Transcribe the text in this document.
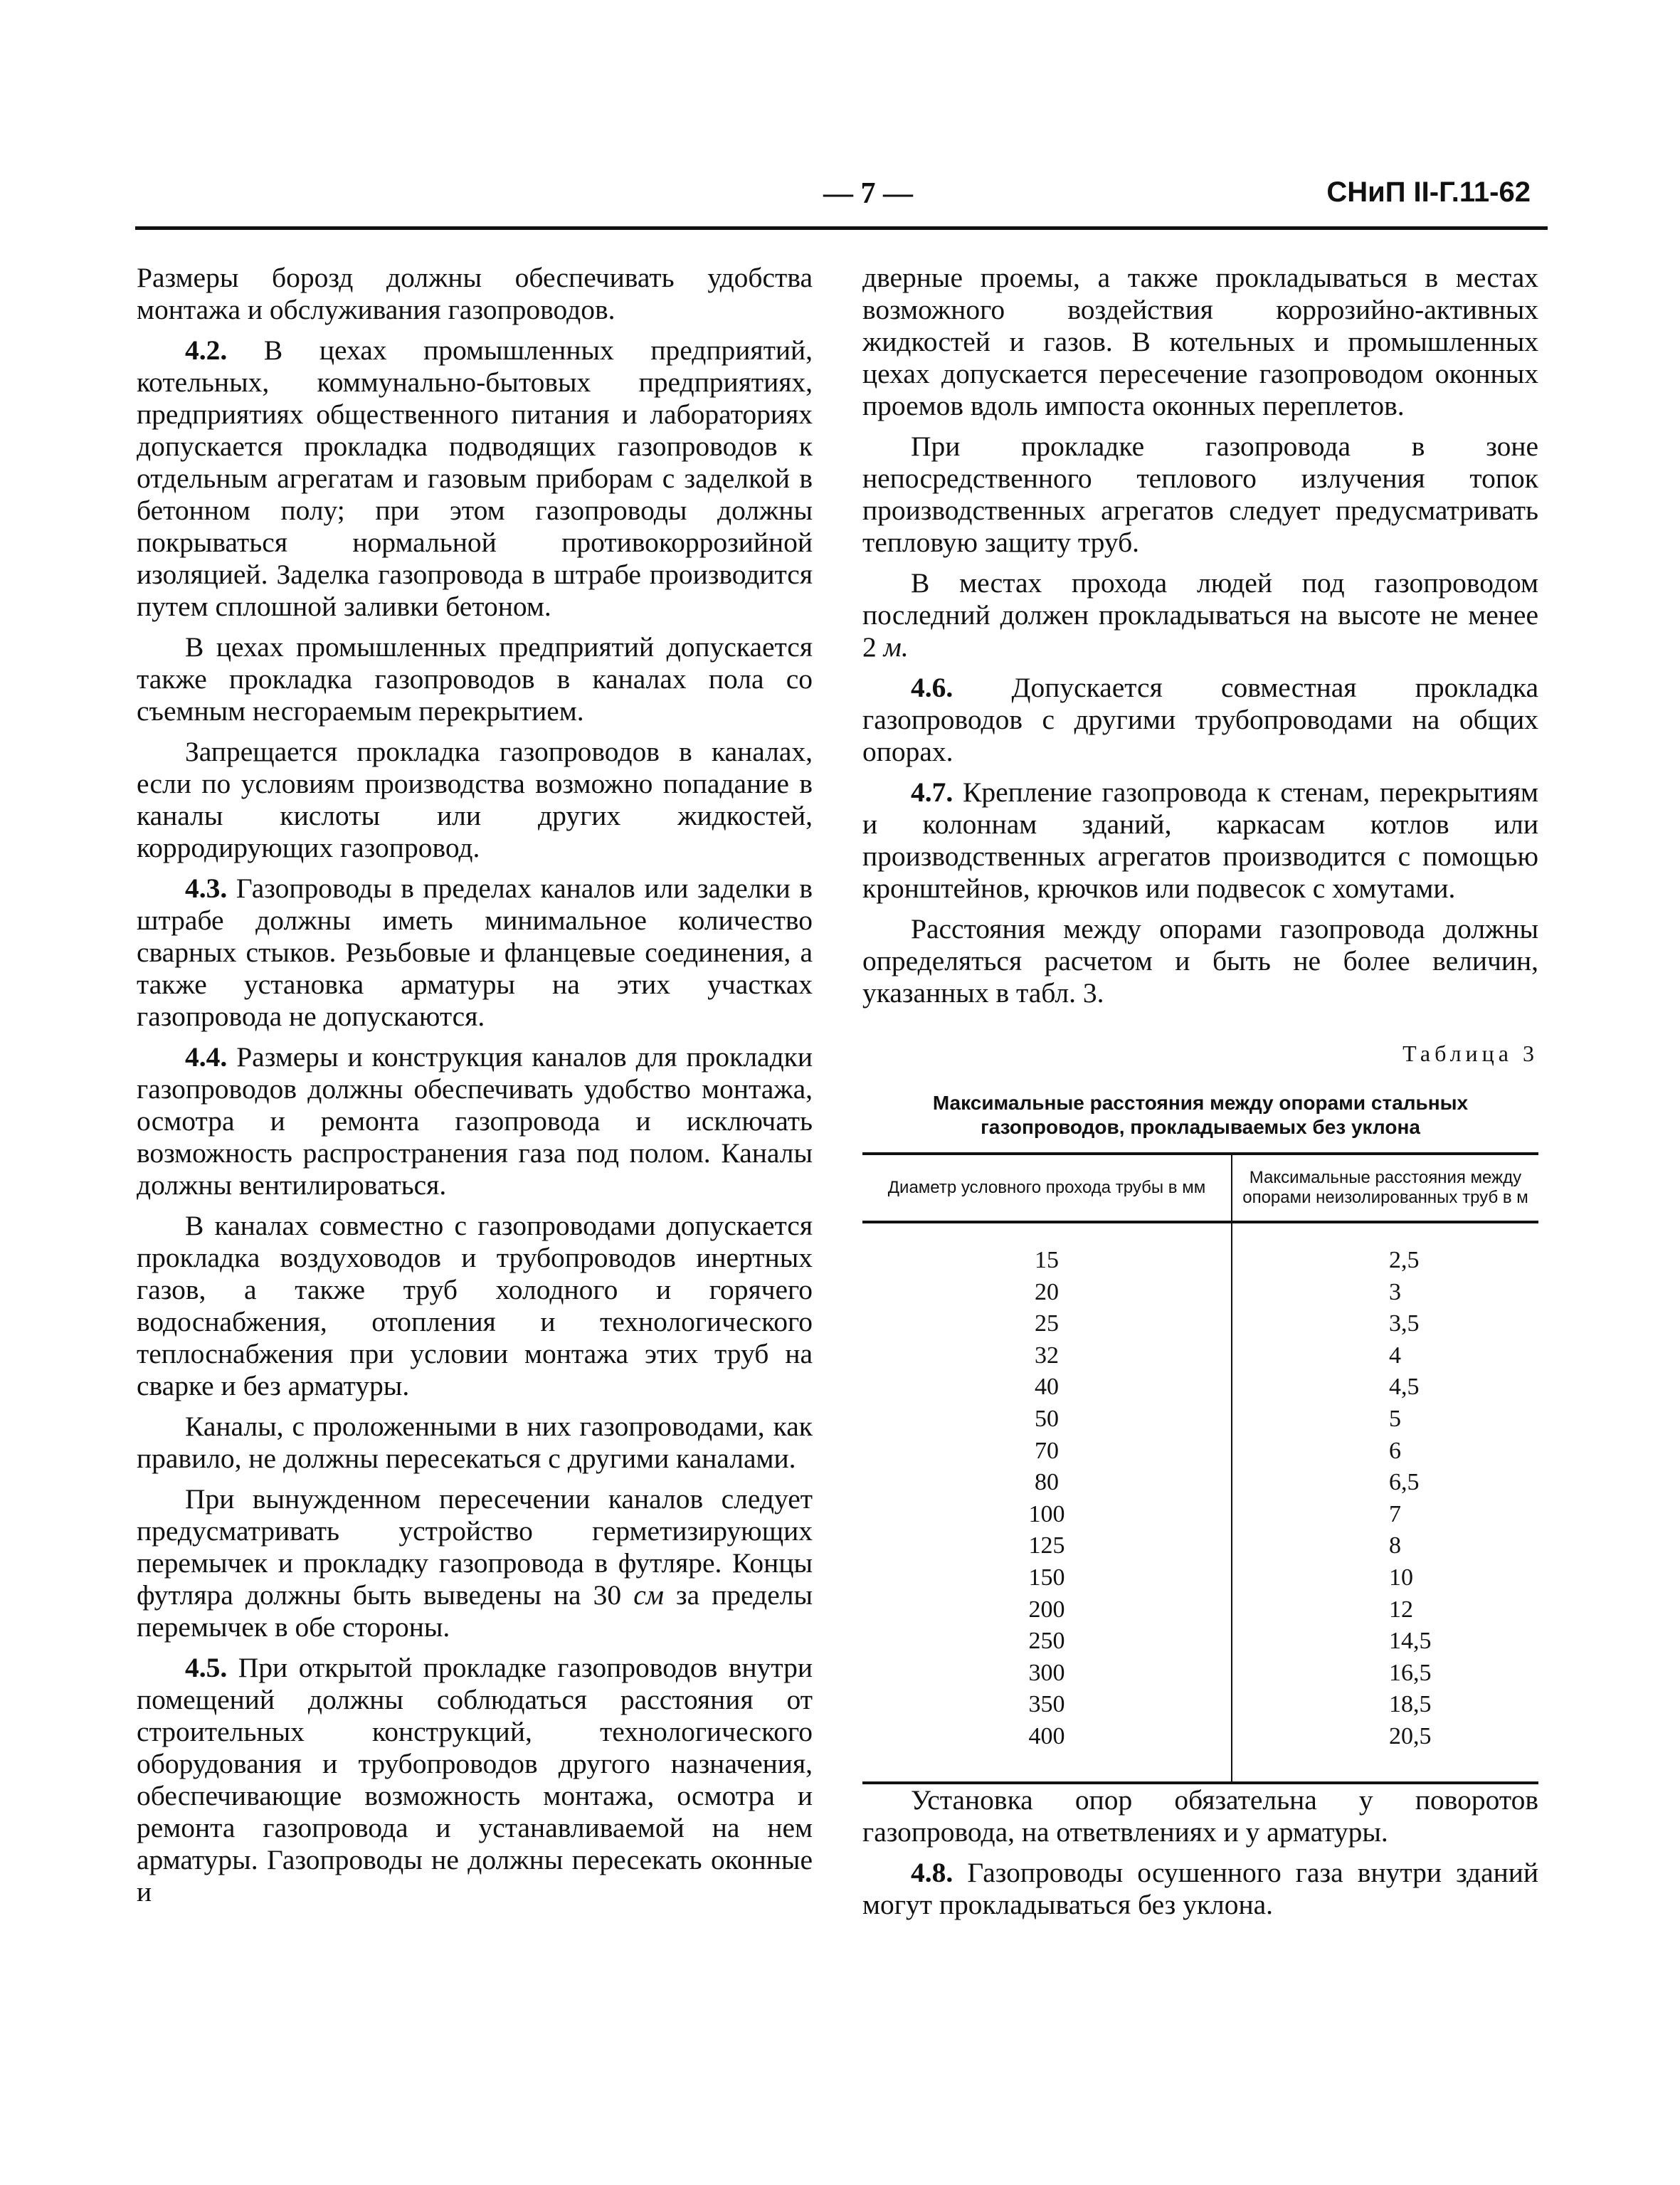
— 7 —	СНиП II-Г.11-62

Размеры борозд должны обеспечивать удобства монтажа и обслуживания газопроводов.

4.2. В цехах промышленных предприятий, котельных, коммунально-бытовых предприятиях, предприятиях общественного питания и лабораториях допускается прокладка подводящих газопроводов к отдельным агрегатам и газовым приборам с заделкой в бетонном полу; при этом газопроводы должны покрываться нормальной противокоррозийной изоляцией. Заделка газопровода в штрабе производится путем сплошной заливки бетоном.

В цехах промышленных предприятий допускается также прокладка газопроводов в каналах пола со съемным несгораемым перекрытием.

Запрещается прокладка газопроводов в каналах, если по условиям производства возможно попадание в каналы кислоты или других жидкостей, корродирующих газопровод.

4.3. Газопроводы в пределах каналов или заделки в штрабе должны иметь минимальное количество сварных стыков. Резьбовые и фланцевые соединения, а также установка арматуры на этих участках газопровода не допускаются.

4.4. Размеры и конструкция каналов для прокладки газопроводов должны обеспечивать удобство монтажа, осмотра и ремонта газопровода и исключать возможность распространения газа под полом. Каналы должны вентилироваться.

В каналах совместно с газопроводами допускается прокладка воздуховодов и трубопроводов инертных газов, а также труб холодного и горячего водоснабжения, отопления и технологического теплоснабжения при условии монтажа этих труб на сварке и без арматуры.

Каналы, с проложенными в них газопроводами, как правило, не должны пересекаться с другими каналами.

При вынужденном пересечении каналов следует предусматривать устройство герметизирующих перемычек и прокладку газопровода в футляре. Концы футляра должны быть выведены на 30 см за пределы перемычек в обе стороны.

4.5. При открытой прокладке газопроводов внутри помещений должны соблюдаться расстояния от строительных конструкций, технологического оборудования и трубопроводов другого назначения, обеспечивающие возможность монтажа, осмотра и ремонта газопровода и устанавливаемой на нем арматуры. Газопроводы не должны пересекать оконные и

дверные проемы, а также прокладываться в местах возможного воздействия коррозийно-активных жидкостей и газов. В котельных и промышленных цехах допускается пересечение газопроводом оконных проемов вдоль импоста оконных переплетов.

При прокладке газопровода в зоне непосредственного теплового излучения топок производственных агрегатов следует предусматривать тепловую защиту труб.

В местах прохода людей под газопроводом последний должен прокладываться на высоте не менее 2 м.

4.6. Допускается совместная прокладка газопроводов с другими трубопроводами на общих опорах.

4.7. Крепление газопровода к стенам, перекрытиям и колоннам зданий, каркасам котлов или производственных агрегатов производится с помощью кронштейнов, крючков или подвесок с хомутами.

Расстояния между опорами газопровода должны определяться расчетом и быть не более величин, указанных в табл. 3.

Таблица 3
Максимальные расстояния между опорами стальных газопроводов, прокладываемых без уклона
Диаметр условного прохода трубы в мм	Максимальные расстояния между опорами неизолированных труб в м
15	2,5
20	3
25	3,5
32	4
40	4,5
50	5
70	6
80	6,5
100	7
125	8
150	10
200	12
250	14,5
300	16,5
350	18,5
400	20,5

Установка опор обязательна у поворотов газопровода, на ответвлениях и у арматуры.

4.8. Газопроводы осушенного газа внутри зданий могут прокладываться без уклона.
